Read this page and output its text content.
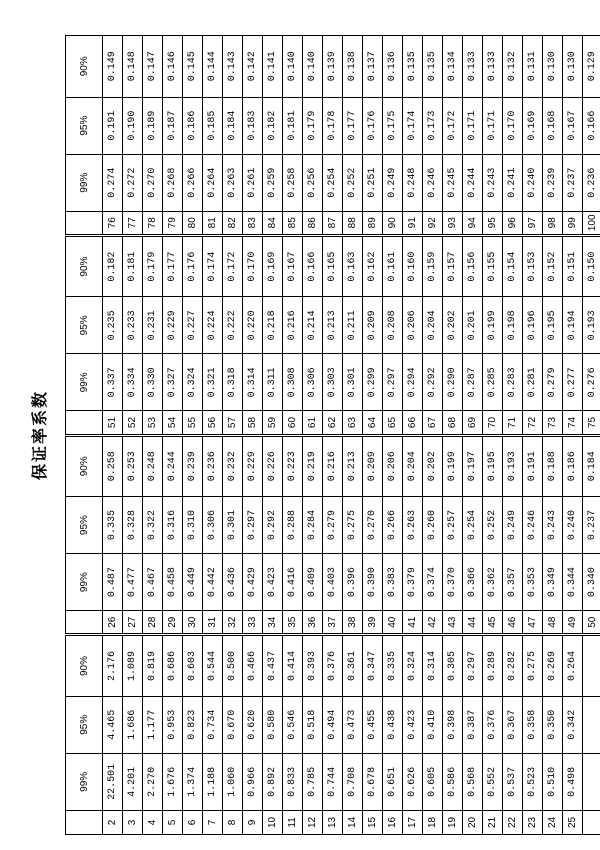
保证率系数
	99%	95%	90%		99%	95%	90%		99%	95%	90%		99%	95%	90%
2	22.501	4.465	2.176	26	0.487	0.335	0.258	51	0.337	0.235	0.182	76	0.274	0.191	0.149
3	4.201	1.686	1.089	27	0.477	0.328	0.253	52	0.334	0.233	0.181	77	0.272	0.190	0.148
4	2.270	1.177	0.819	28	0.467	0.322	0.248	53	0.330	0.231	0.179	78	0.270	0.189	0.147
5	1.676	0.953	0.686	29	0.458	0.316	0.244	54	0.327	0.229	0.177	79	0.268	0.187	0.146
6	1.374	0.823	0.603	30	0.449	0.310	0.239	55	0.324	0.227	0.176	80	0.266	0.186	0.145
7	1.188	0.734	0.544	31	0.442	0.306	0.236	56	0.321	0.224	0.174	81	0.264	0.185	0.144
8	1.060	0.670	0.500	32	0.436	0.301	0.232	57	0.318	0.222	0.172	82	0.263	0.184	0.143
9	0.966	0.620	0.466	33	0.429	0.297	0.229	58	0.314	0.220	0.170	83	0.261	0.183	0.142
10	0.892	0.580	0.437	34	0.423	0.292	0.226	59	0.311	0.218	0.169	84	0.259	0.182	0.141
11	0.833	0.546	0.414	35	0.416	0.288	0.223	60	0.308	0.216	0.167	85	0.258	0.181	0.140
12	0.785	0.518	0.393	36	0.409	0.284	0.219	61	0.306	0.214	0.166	86	0.256	0.179	0.140
13	0.744	0.494	0.376	37	0.403	0.279	0.216	62	0.303	0.213	0.165	87	0.254	0.178	0.139
14	0.708	0.473	0.361	38	0.396	0.275	0.213	63	0.301	0.211	0.163	88	0.252	0.177	0.138
15	0.678	0.455	0.347	39	0.390	0.270	0.209	64	0.299	0.209	0.162	89	0.251	0.176	0.137
16	0.651	0.438	0.335	40	0.383	0.266	0.206	65	0.297	0.208	0.161	90	0.249	0.175	0.136
17	0.626	0.423	0.324	41	0.379	0.263	0.204	66	0.294	0.206	0.160	91	0.248	0.174	0.135
18	0.605	0.410	0.314	42	0.374	0.260	0.202	67	0.292	0.204	0.159	92	0.246	0.173	0.135
19	0.586	0.398	0.305	43	0.370	0.257	0.199	68	0.290	0.202	0.157	93	0.245	0.172	0.134
20	0.568	0.387	0.297	44	0.366	0.254	0.197	69	0.287	0.201	0.156	94	0.244	0.171	0.133
21	0.552	0.376	0.289	45	0.362	0.252	0.195	70	0.285	0.199	0.155	95	0.243	0.171	0.133
22	0.537	0.367	0.282	46	0.357	0.249	0.193	71	0.283	0.198	0.154	96	0.241	0.170	0.132
23	0.523	0.358	0.275	47	0.353	0.246	0.191	72	0.281	0.196	0.153	97	0.240	0.169	0.131
24	0.510	0.350	0.269	48	0.349	0.243	0.188	73	0.279	0.195	0.152	98	0.239	0.168	0.130
25	0.498	0.342	0.264	49	0.344	0.240	0.186	74	0.277	0.194	0.151	99	0.237	0.167	0.130
				50	0.340	0.237	0.184	75	0.276	0.193	0.150	100	0.236	0.166	0.129
